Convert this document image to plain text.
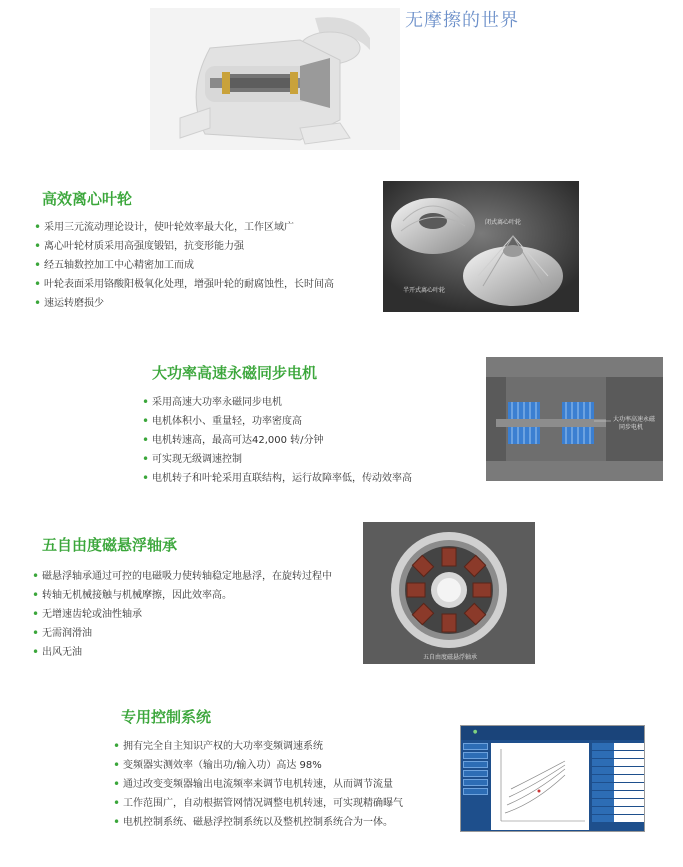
无摩擦的世界
高效离心叶轮
• 采用三元流动理论设计，使叶轮效率最大化，工作区域广
• 离心叶轮材质采用高强度锻铝，抗变形能力强
• 经五轴数控加工中心精密加工而成
• 叶轮表面采用铬酸阳极氧化处理，增强叶轮的耐腐蚀性，长时间高
• 速运转磨损少
闭式离心叶轮
半开式离心叶轮
大功率高速永磁同步电机
• 采用高速大功率永磁同步电机
• 电机体积小、重量轻，功率密度高
• 电机转速高，最高可达42,000 转/分钟
• 可实现无级调速控制
• 电机转子和叶轮采用直联结构，运行故障率低，传动效率高
大功率高速永磁
同步电机
五自由度磁悬浮轴承
• 磁悬浮轴承通过可控的电磁吸力使转轴稳定地悬浮，在旋转过程中
• 转轴无机械接触与机械摩擦，因此效率高。
• 无增速齿轮或油性轴承
• 无需润滑油
• 出风无油	五自由度磁悬浮轴承
专用控制系统
• 拥有完全自主知识产权的大功率变频调速系统
• 变频器实测效率（输出功/输入功）高达 98%
• 通过改变变频器输出电流频率来调节电机转速，从而调节流量
• 工作范围广，自动根据管网情况调整电机转速，可实现精确曝气
• 电机控制系统、磁悬浮控制系统以及整机控制系统合为一体。
●
